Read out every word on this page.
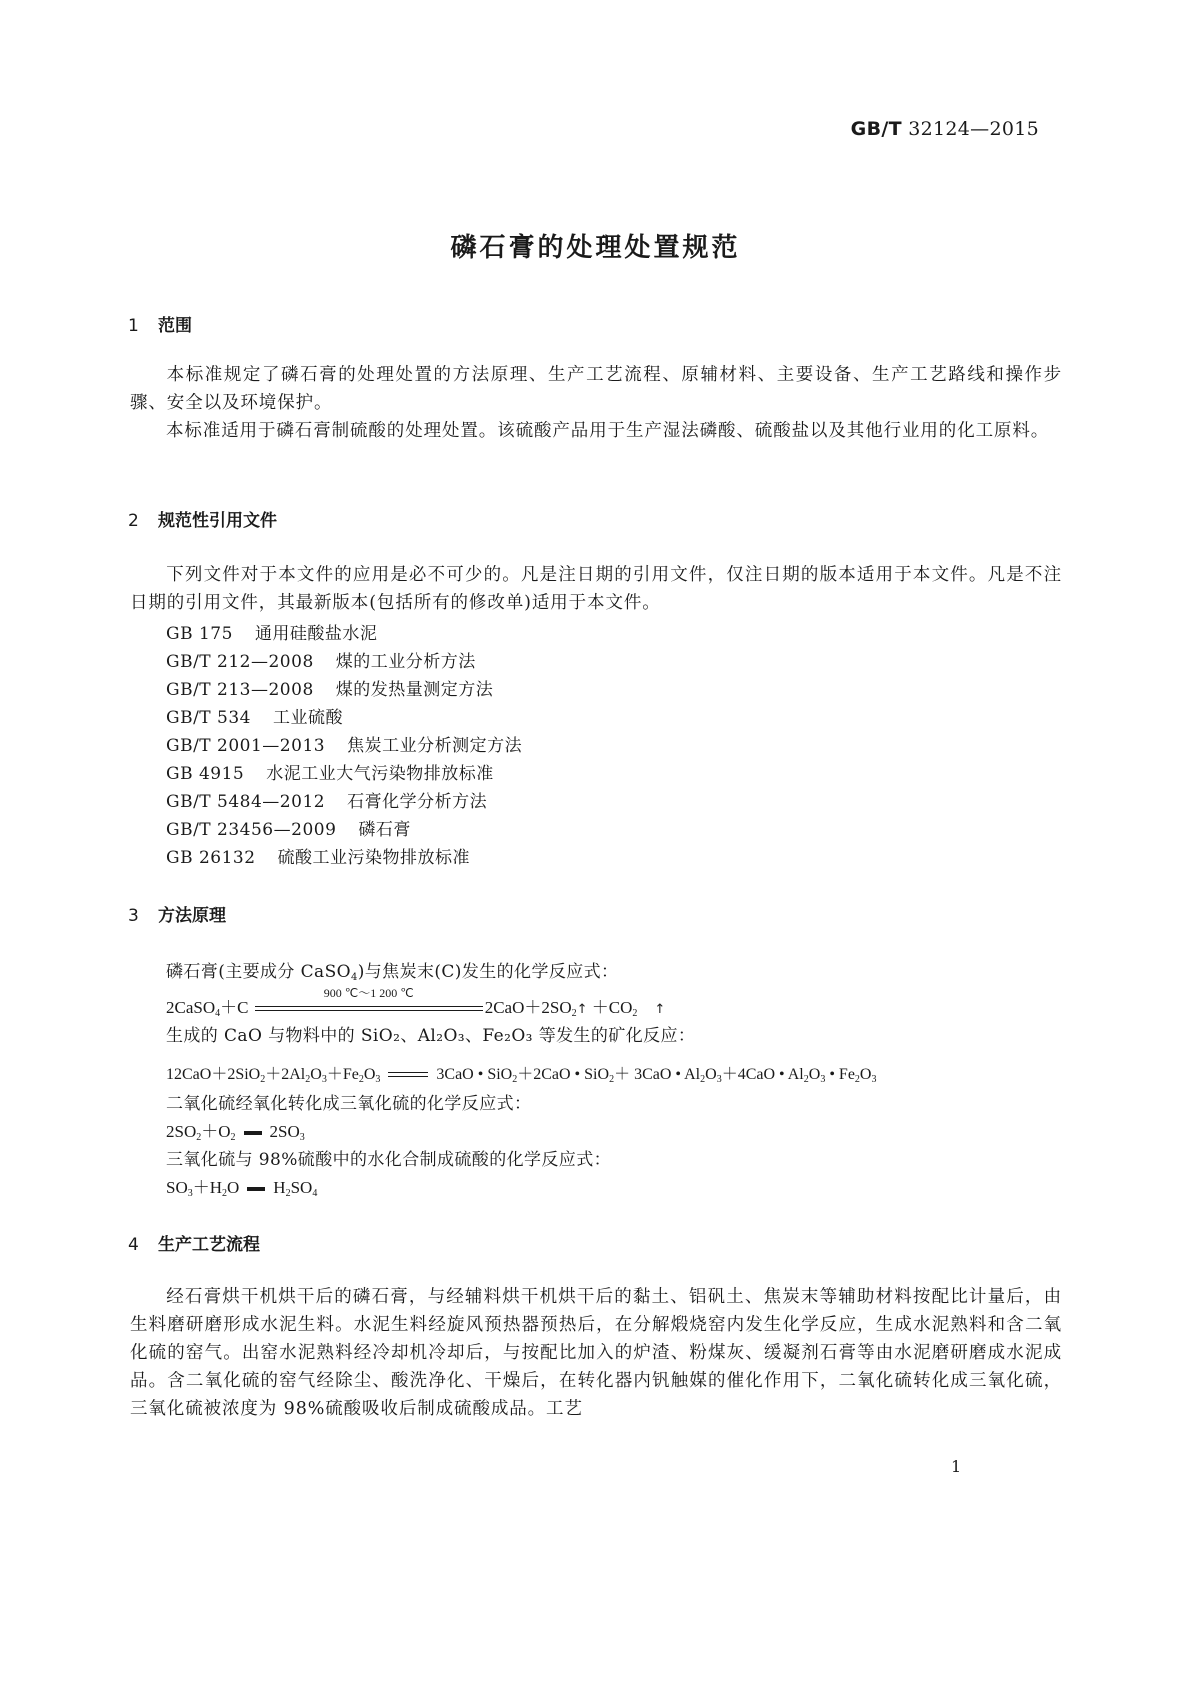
GB/T 32124—2015
磷石膏的处理处置规范
1 范围
本标准规定了磷石膏的处理处置的方法原理、生产工艺流程、原辅材料、主要设备、生产工艺路线和操作步骤、安全以及环境保护。
本标准适用于磷石膏制硫酸的处理处置。该硫酸产品用于生产湿法磷酸、硫酸盐以及其他行业用的化工原料。
2 规范性引用文件
下列文件对于本文件的应用是必不可少的。凡是注日期的引用文件，仅注日期的版本适用于本文件。凡是不注日期的引用文件，其最新版本(包括所有的修改单)适用于本文件。
GB 175 通用硅酸盐水泥
GB/T 212—2008 煤的工业分析方法
GB/T 213—2008 煤的发热量测定方法
GB/T 534 工业硫酸
GB/T 2001—2013 焦炭工业分析测定方法
GB 4915 水泥工业大气污染物排放标准
GB/T 5484—2012 石膏化学分析方法
GB/T 23456—2009 磷石膏
GB 26132 硫酸工业污染物排放标准
3 方法原理
磷石膏(主要成分 CaSO$_4$)与焦炭末(C)发生的化学反应式：
2CaSO$_4$＋C
900 ℃～1 200 ℃
$2CaO+2SO_2↑ +CO_2$ ↑
生成的 CaO 与物料中的 SiO₂、Al₂O₃、Fe₂O₃ 等发生的矿化反应：
$12CaO+2SiO_2+2Al_2O_3+Fe_2O_3$	3CaO • SiO$_2$＋2CaO • SiO$_2$＋ 3CaO • $Al_2O_3+4CaO$ • $Al_2O_3$ • $Fe_2O_3$
二氧化硫经氧化转化成三氧化硫的化学反应式：
$2SO_2+O_2$ $2SO_3$
三氧化硫与 98%硫酸中的水化合制成硫酸的化学反应式：
$SO_3+H_2O$ $H_2SO_4$
4 生产工艺流程
经石膏烘干机烘干后的磷石膏，与经辅料烘干机烘干后的黏土、铝矾土、焦炭末等辅助材料按配比计量后，由生料磨研磨形成水泥生料。水泥生料经旋风预热器预热后，在分解煅烧窑内发生化学反应，生成水泥熟料和含二氧化硫的窑气。出窑水泥熟料经冷却机冷却后，与按配比加入的炉渣、粉煤灰、缓凝剂石膏等由水泥磨研磨成水泥成品。含二氧化硫的窑气经除尘、酸洗净化、干燥后，在转化器内钒触媒的催化作用下，二氧化硫转化成三氧化硫，三氧化硫被浓度为 98%硫酸吸收后制成硫酸成品。工艺
1
